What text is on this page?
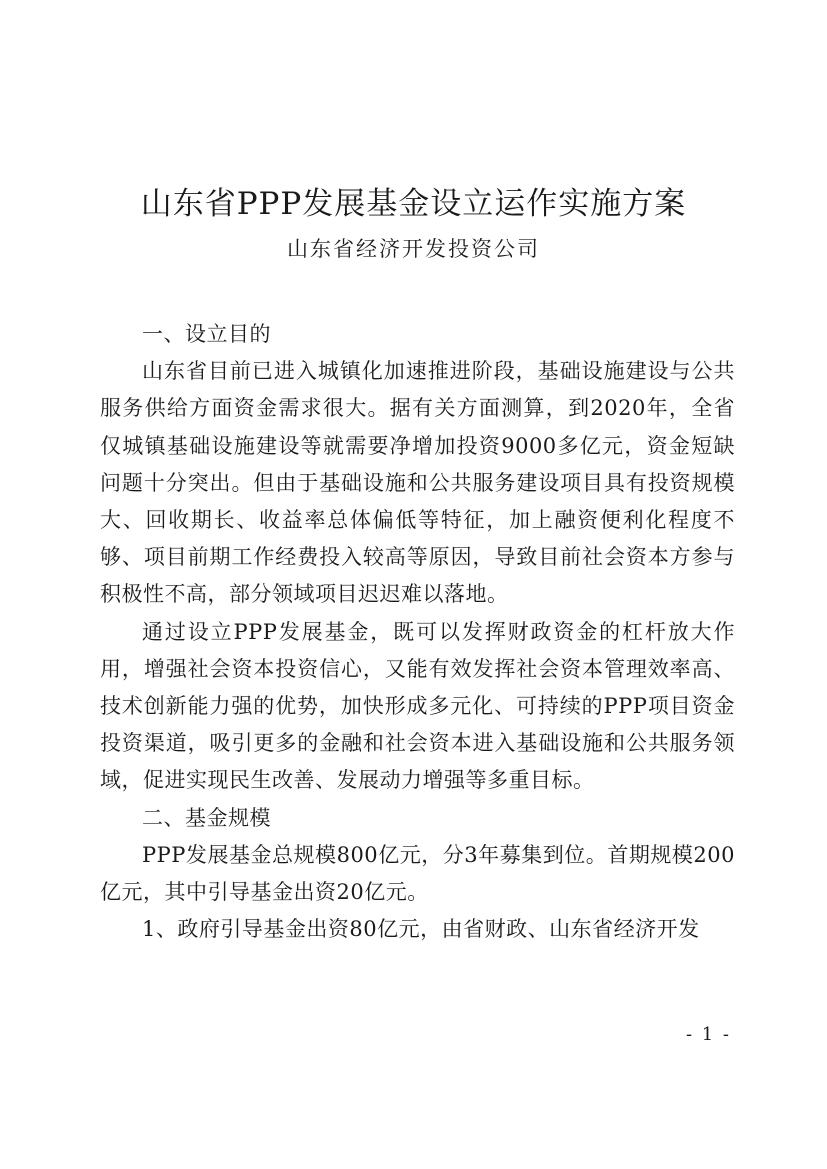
山东省PPP发展基金设立运作实施方案
山东省经济开发投资公司

一、设立目的

山东省目前已进入城镇化加速推进阶段，基础设施建设与公共服务供给方面资金需求很大。据有关方面测算，到2020年，全省仅城镇基础设施建设等就需要净增加投资9000多亿元，资金短缺问题十分突出。但由于基础设施和公共服务建设项目具有投资规模大、回收期长、收益率总体偏低等特征，加上融资便利化程度不够、项目前期工作经费投入较高等原因，导致目前社会资本方参与积极性不高，部分领域项目迟迟难以落地。

通过设立PPP发展基金，既可以发挥财政资金的杠杆放大作用，增强社会资本投资信心，又能有效发挥社会资本管理效率高、技术创新能力强的优势，加快形成多元化、可持续的PPP项目资金投资渠道，吸引更多的金融和社会资本进入基础设施和公共服务领域，促进实现民生改善、发展动力增强等多重目标。

二、基金规模

PPP发展基金总规模800亿元，分3年募集到位。首期规模200亿元，其中引导基金出资20亿元。

1、政府引导基金出资80亿元，由省财政、山东省经济开发

- 1 -
